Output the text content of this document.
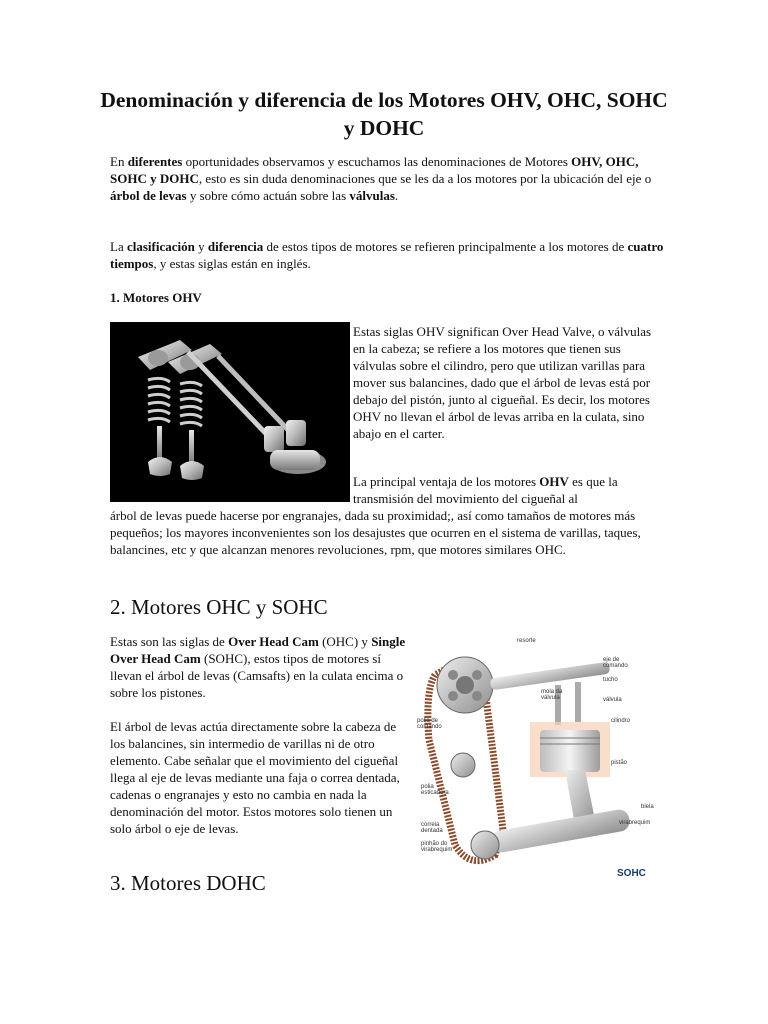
Denominación y diferencia de los Motores OHV, OHC, SOHC y DOHC

En diferentes oportunidades observamos y escuchamos las denominaciones de Motores OHV, OHC, SOHC y DOHC, esto es sin duda denominaciones que se les da a los motores por la ubicación del eje o árbol de levas y sobre cómo actuán sobre las válvulas.

La clasificación y diferencia de estos tipos de motores se refieren principalmente a los motores de cuatro tiempos, y estas siglas están en inglés.

1. Motores OHV

Estas siglas OHV significan Over Head Valve, o válvulas en la cabeza; se refiere a los motores que tienen sus válvulas sobre el cilindro, pero que utilizan varillas para mover sus balancines, dado que el árbol de levas está por debajo del pistón, junto al cigueñal. Es decir, los motores OHV no llevan el árbol de levas arriba en la culata, sino abajo en el carter.

La principal ventaja de los motores OHV es que la transmisión del movimiento del cigueñal al

árbol de levas puede hacerse por engranajes, dada su proximidad;, así como tamaños de motores más pequeños; los mayores inconvenientes son los desajustes que ocurren en el sistema de varillas, taques, balancines, etc y que alcanzan menores revoluciones, rpm, que motores similares OHC.

2. Motores OHC y SOHC

Estas son las siglas de Over Head Cam (OHC) y Single Over Head Cam (SOHC), estos tipos de motores sí llevan el árbol de levas (Camsafts) en la culata encima o sobre los pistones.

El árbol de levas actúa directamente sobre la cabeza de los balancines, sin intermedio de varillas ni de otro elemento. Cabe señalar que el movimiento del cigueñal llega al eje de levas mediante una faja o correa dentada, cadenas o engranajes y esto no cambia en nada la denominación del motor. Estos motores solo tienen un solo árbol o eje de levas.

resorte
eje de
comando
tucho
mola da
válvula	válvula
polia de
comando
cilindro
pistão
polia
esticadora
biela
correia
dentada
virabrequim
pinhão do
virabrequim
SOHC
3. Motores DOHC
